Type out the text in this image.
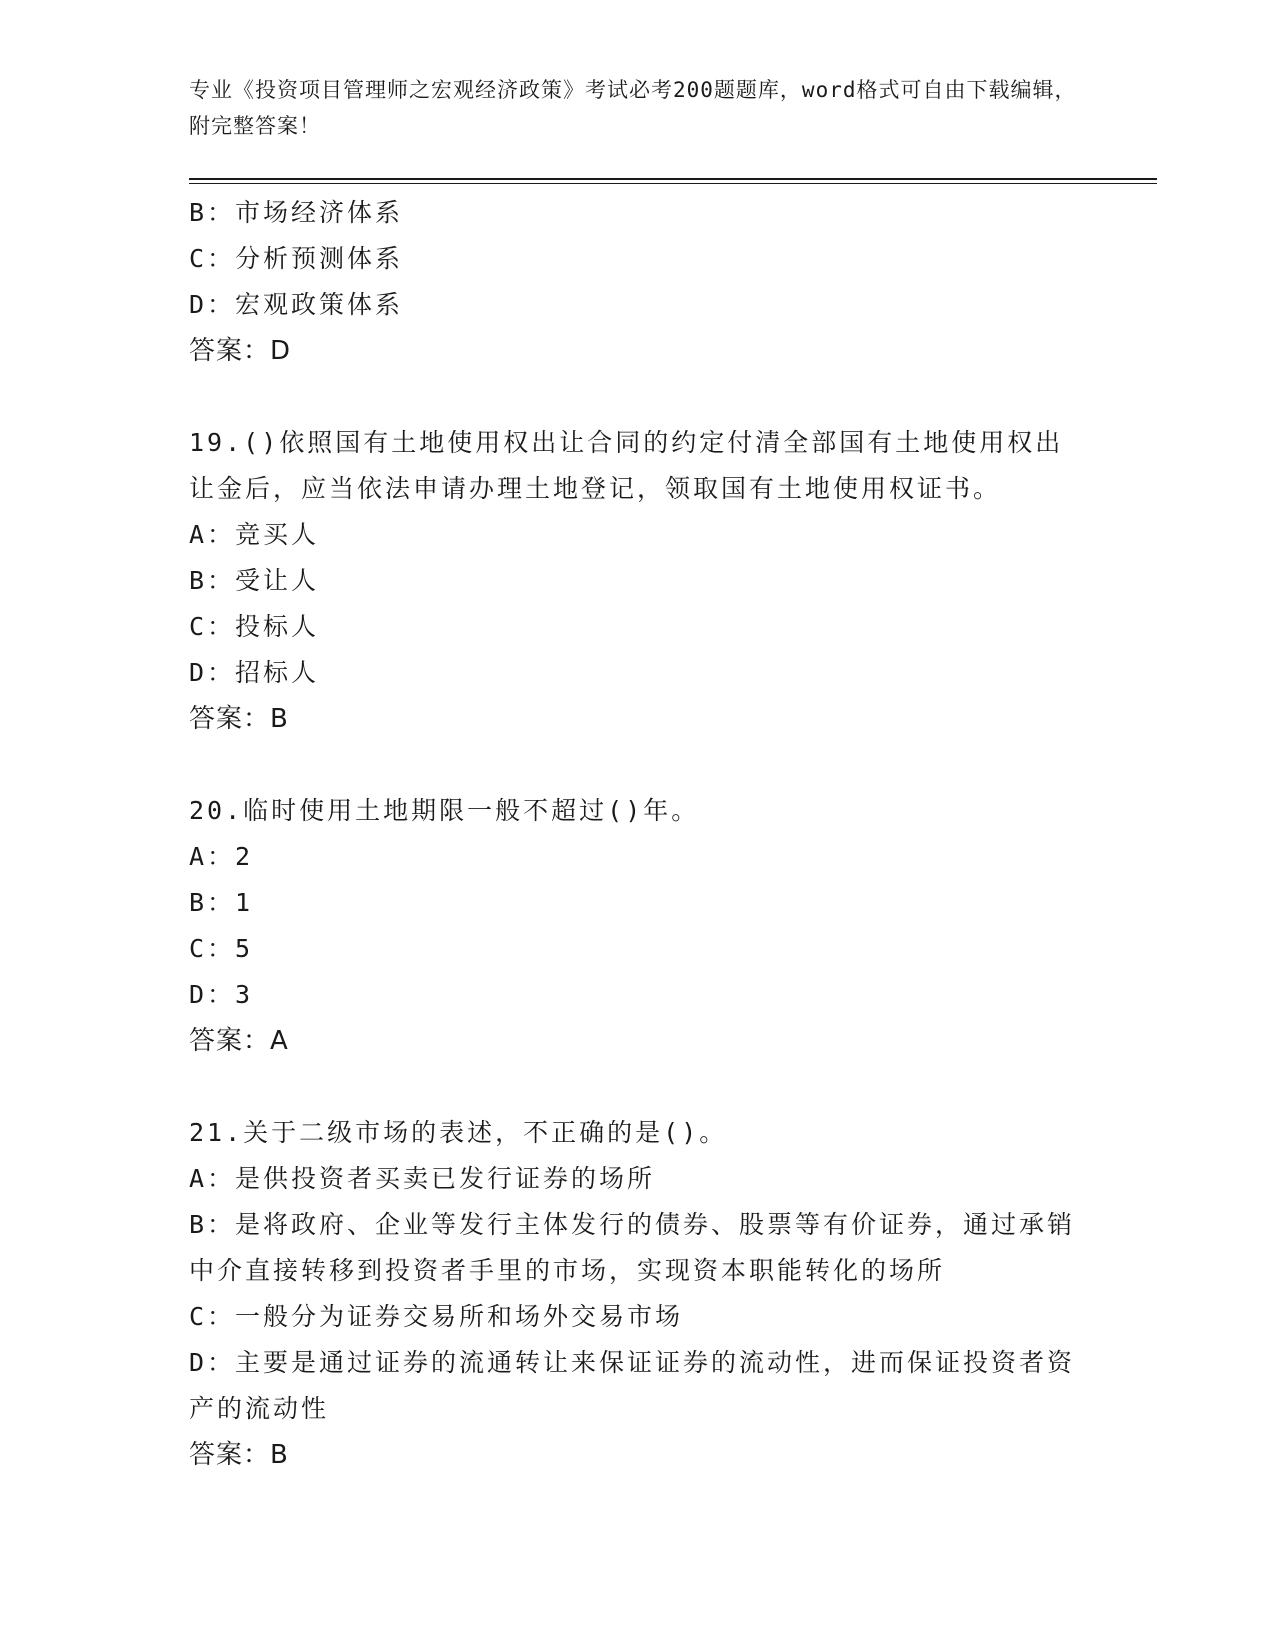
专业《投资项目管理师之宏观经济政策》考试必考200题题库，word格式可自由下载编辑，附完整答案！
B：市场经济体系
C：分析预测体系
D：宏观政策体系
答案：D
19.()依照国有土地使用权出让合同的约定付清全部国有土地使用权出让金后，应当依法申请办理土地登记，领取国有土地使用权证书。
A：竞买人
B：受让人
C：投标人
D：招标人
答案：B
20.临时使用土地期限一般不超过()年。
A：2
B：1
C：5
D：3
答案：A
21.关于二级市场的表述，不正确的是()。
A：是供投资者买卖已发行证券的场所
B：是将政府、企业等发行主体发行的债券、股票等有价证券，通过承销中介直接转移到投资者手里的市场，实现资本职能转化的场所
C：一般分为证券交易所和场外交易市场
D：主要是通过证券的流通转让来保证证券的流动性，进而保证投资者资产的流动性
答案：B
